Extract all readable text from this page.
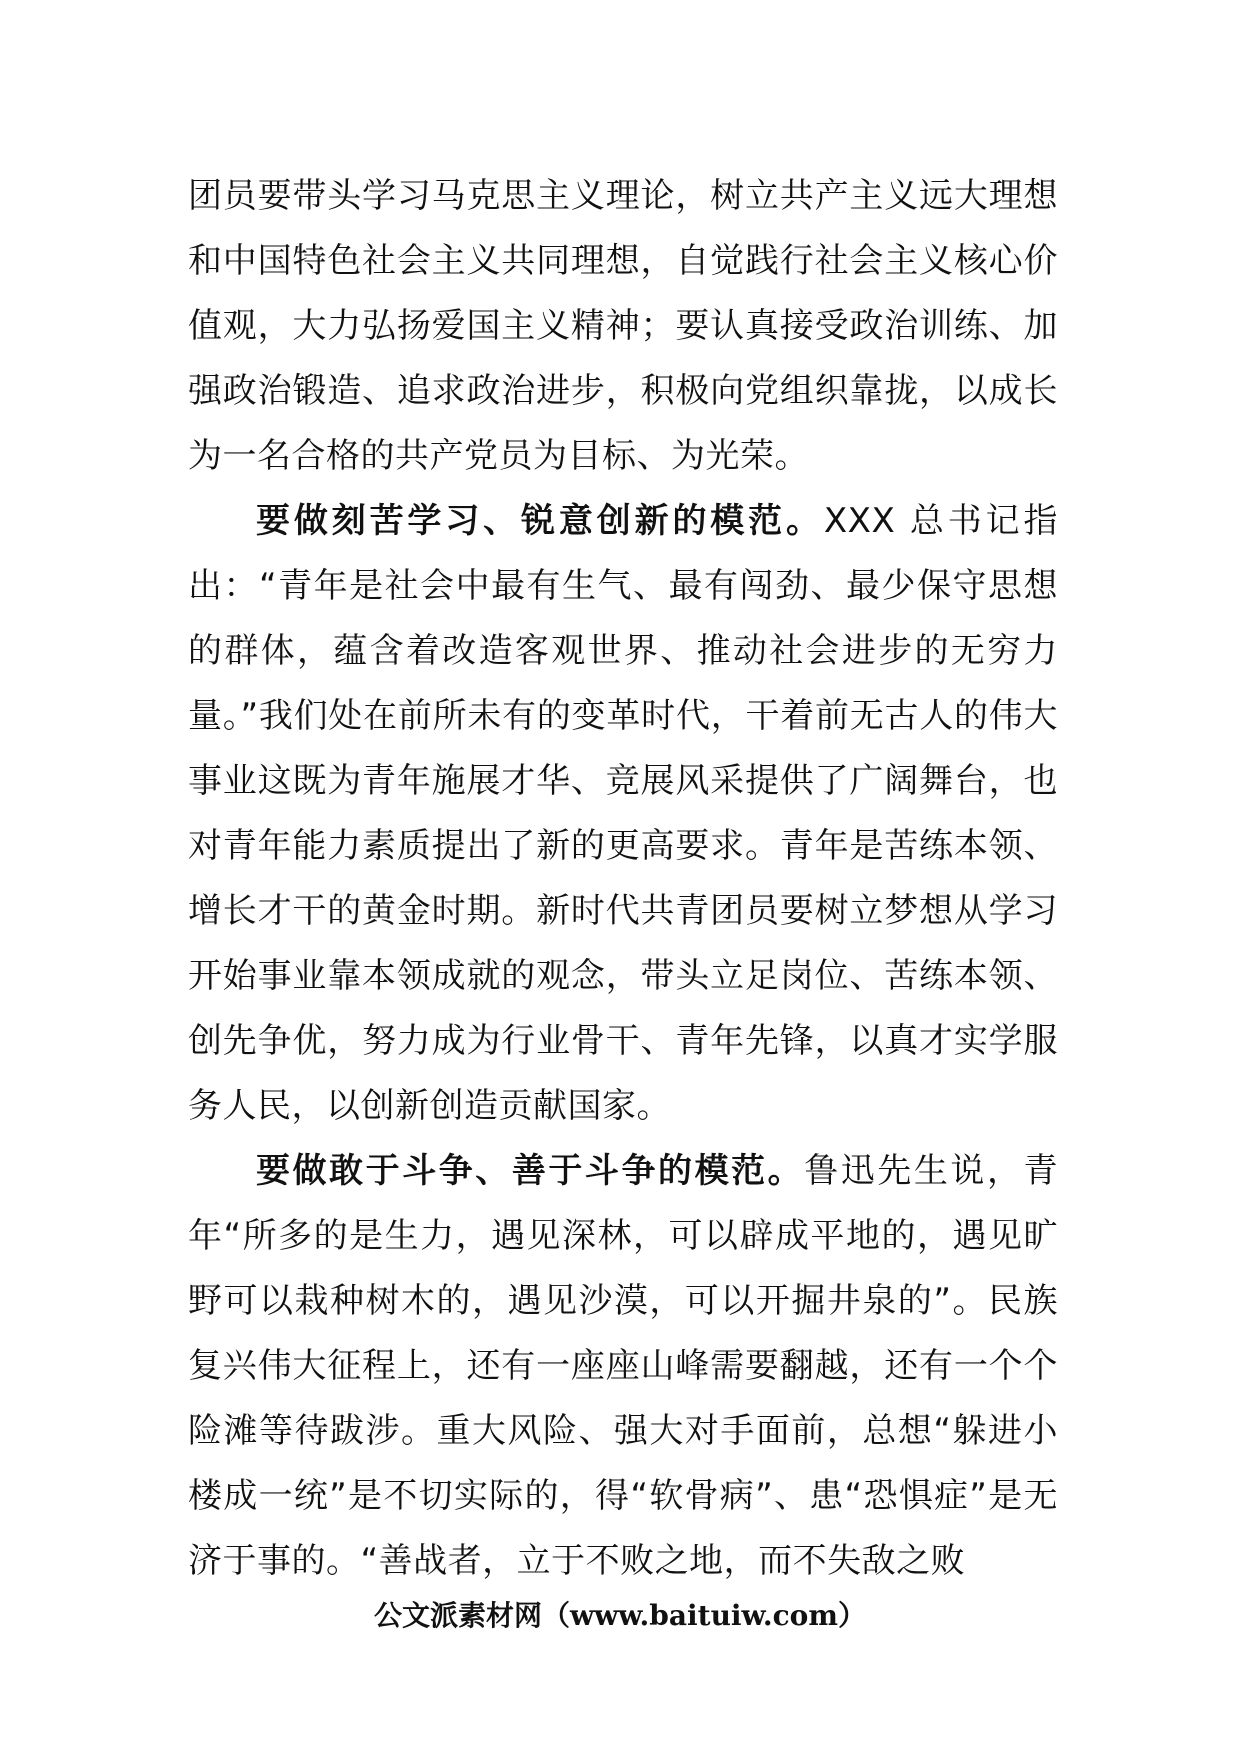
团员要带头学习马克思主义理论，树立共产主义远大理想和中国特色社会主义共同理想，自觉践行社会主义核心价值观，大力弘扬爱国主义精神；要认真接受政治训练、加强政治锻造、追求政治进步，积极向党组织靠拢，以成长为一名合格的共产党员为目标、为光荣。

要做刻苦学习、锐意创新的模范。XXX 总书记指出：“青年是社会中最有生气、最有闯劲、最少保守思想的群体，蕴含着改造客观世界、推动社会进步的无穷力量。”我们处在前所未有的变革时代，干着前无古人的伟大事业这既为青年施展才华、竞展风采提供了广阔舞台，也对青年能力素质提出了新的更高要求。青年是苦练本领、增长才干的黄金时期。新时代共青团员要树立梦想从学习开始事业靠本领成就的观念，带头立足岗位、苦练本领、创先争优，努力成为行业骨干、青年先锋，以真才实学服务人民，以创新创造贡献国家。

要做敢于斗争、善于斗争的模范。鲁迅先生说，青年“所多的是生力，遇见深林，可以辟成平地的，遇见旷野可以栽种树木的，遇见沙漠，可以开掘井泉的”。民族复兴伟大征程上，还有一座座山峰需要翻越，还有一个个险滩等待跋涉。重大风险、强大对手面前，总想“躲进小楼成一统”是不切实际的，得“软骨病”、患“恐惧症”是无济于事的。“善战者，立于不败之地，而不失敌之败

公文派素材网（www.baituiw.com）
